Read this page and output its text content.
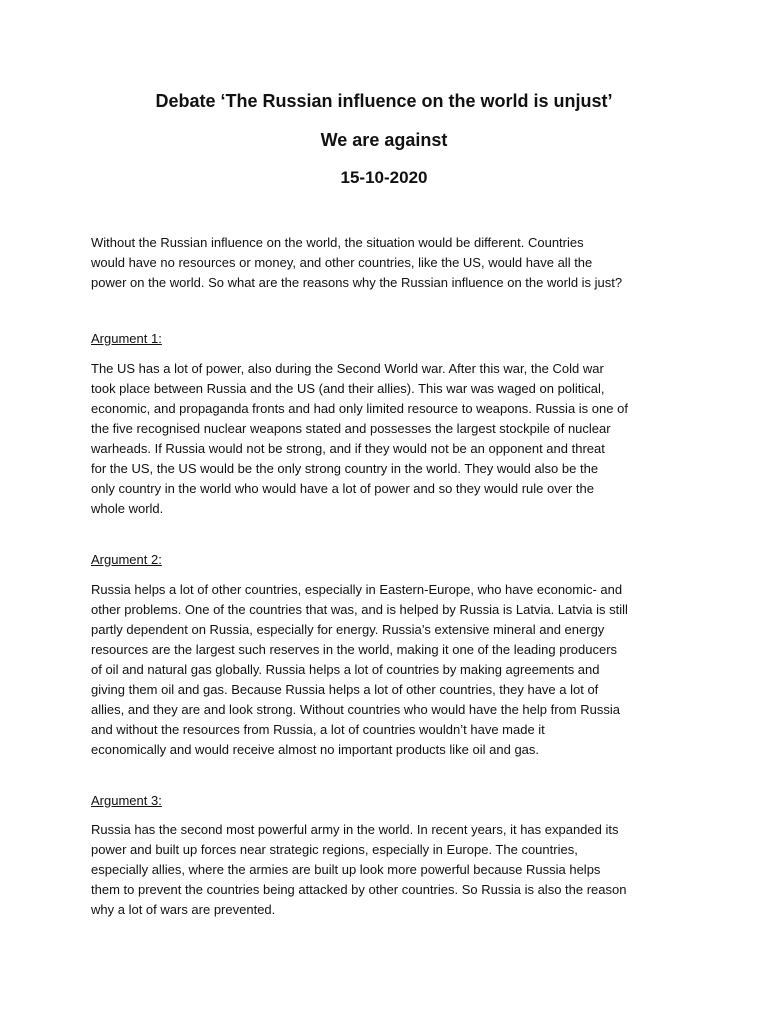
Debate ‘The Russian influence on the world is unjust’
We are against
15-10-2020

Without the Russian influence on the world, the situation would be different. Countries
would have no resources or money, and other countries, like the US, would have all the
power on the world. So what are the reasons why the Russian influence on the world is just?

Argument 1:

The US has a lot of power, also during the Second World war. After this war, the Cold war
took place between Russia and the US (and their allies). This war was waged on political,
economic, and propaganda fronts and had only limited resource to weapons. Russia is one of
the five recognised nuclear weapons stated and possesses the largest stockpile of nuclear
warheads. If Russia would not be strong, and if they would not be an opponent and threat
for the US, the US would be the only strong country in the world. They would also be the
only country in the world who would have a lot of power and so they would rule over the
whole world.

Argument 2:

Russia helps a lot of other countries, especially in Eastern-Europe, who have economic- and
other problems. One of the countries that was, and is helped by Russia is Latvia. Latvia is still
partly dependent on Russia, especially for energy. Russia’s extensive mineral and energy
resources are the largest such reserves in the world, making it one of the leading producers
of oil and natural gas globally. Russia helps a lot of countries by making agreements and
giving them oil and gas. Because Russia helps a lot of other countries, they have a lot of
allies, and they are and look strong. Without countries who would have the help from Russia
and without the resources from Russia, a lot of countries wouldn’t have made it
economically and would receive almost no important products like oil and gas.

Argument 3:

Russia has the second most powerful army in the world. In recent years, it has expanded its
power and built up forces near strategic regions, especially in Europe. The countries,
especially allies, where the armies are built up look more powerful because Russia helps
them to prevent the countries being attacked by other countries. So Russia is also the reason
why a lot of wars are prevented.
